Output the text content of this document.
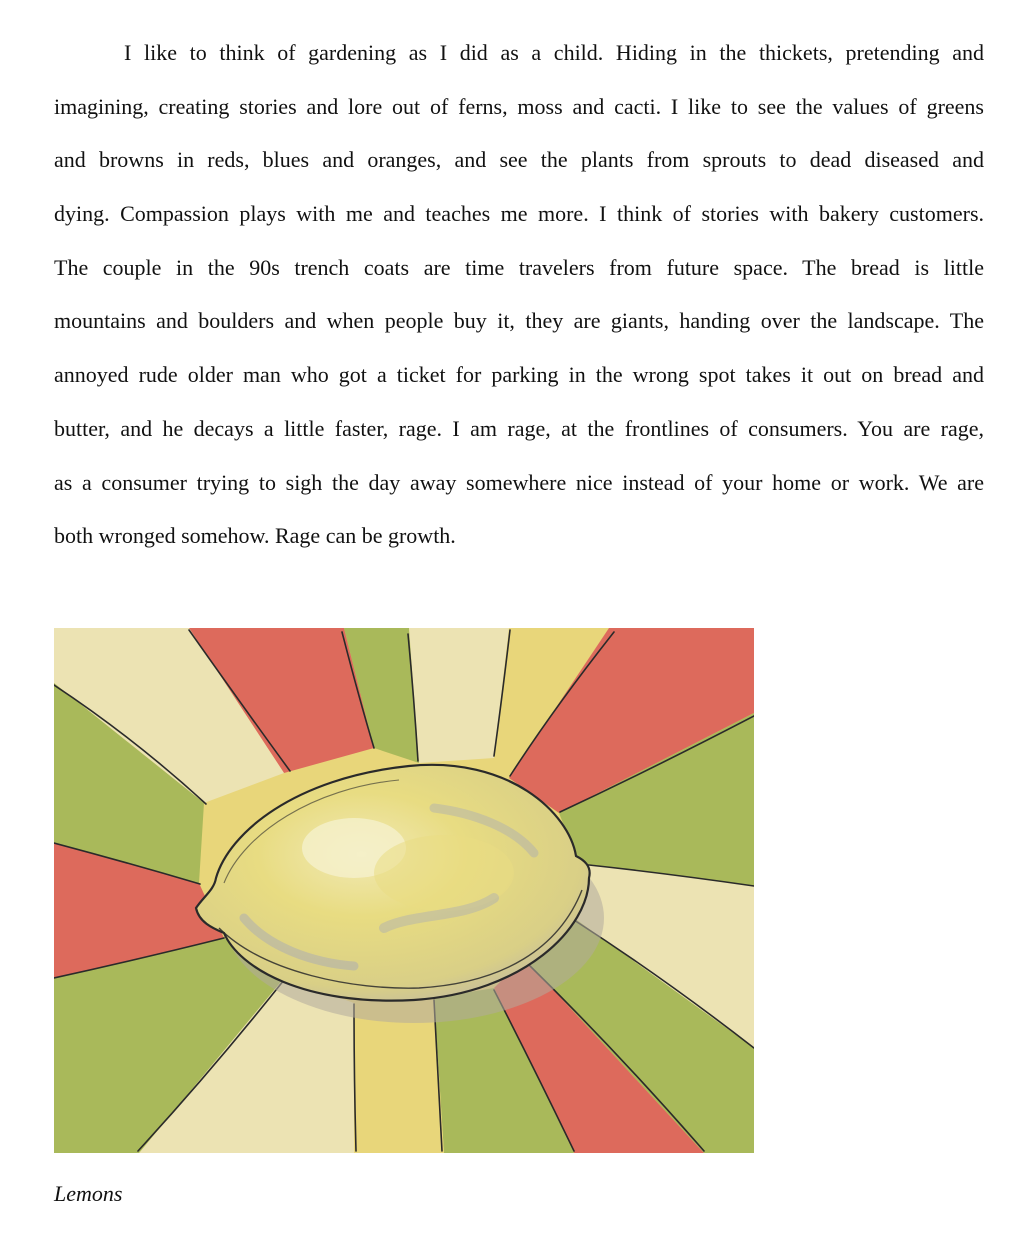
I like to think of gardening as I did as a child. Hiding in the thickets, pretending and
imagining, creating stories and lore out of ferns, moss and cacti. I like to see the values of greens
and browns in reds, blues and oranges, and see the plants from sprouts to dead diseased and
dying. Compassion plays with me and teaches me more. I think of stories with bakery customers.
The couple in the 90s trench coats are time travelers from future space. The bread is little
mountains and boulders and when people buy it, they are giants, handing over the landscape. The
annoyed rude older man who got a ticket for parking in the wrong spot takes it out on bread and
butter, and he decays a little faster, rage. I am rage, at the frontlines of consumers. You are rage,
as a consumer trying to sigh the day away somewhere nice instead of your home or work. We are
both wronged somehow. Rage can be growth.
Lemons
